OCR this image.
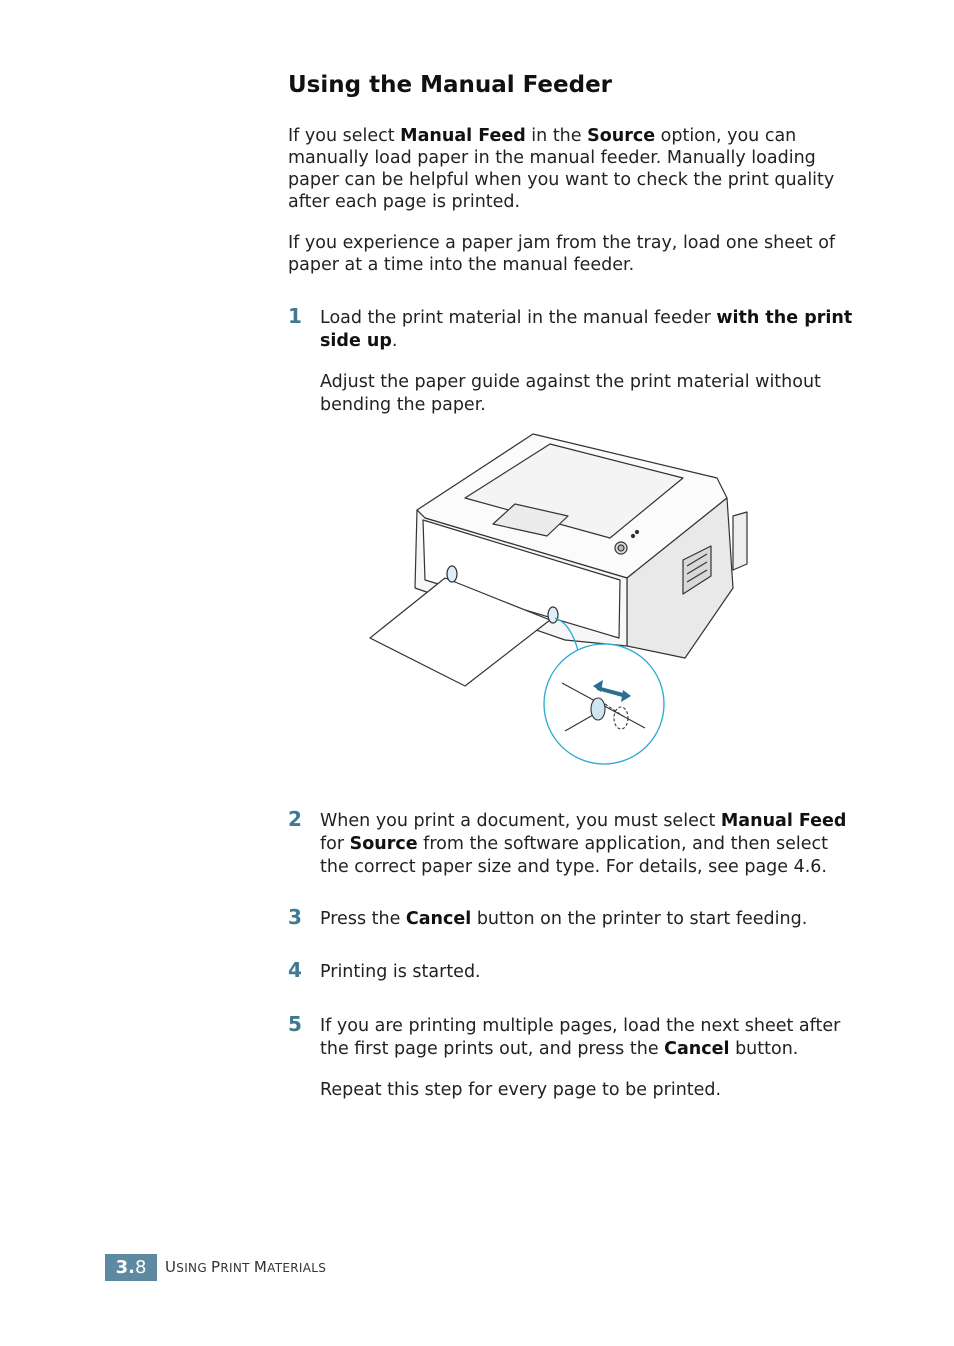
Using the Manual Feeder

If you select Manual Feed in the Source option, you can manually load paper in the manual feeder. Manually loading paper can be helpful when you want to check the print quality after each page is printed.

If you experience a paper jam from the tray, load one sheet of paper at a time into the manual feeder.

1 Load the print material in the manual feeder with the print side up.

Adjust the paper guide against the print material without bending the paper.

2 When you print a document, you must select Manual Feed for Source from the software application, and then select the correct paper size and type. For details, see page 4.6.

3 Press the Cancel button on the printer to start feeding.

4 Printing is started.

5 If you are printing multiple pages, load the next sheet after the first page prints out, and press the Cancel button.

Repeat this step for every page to be printed.

3.8	USING PRINT MATERIALS
